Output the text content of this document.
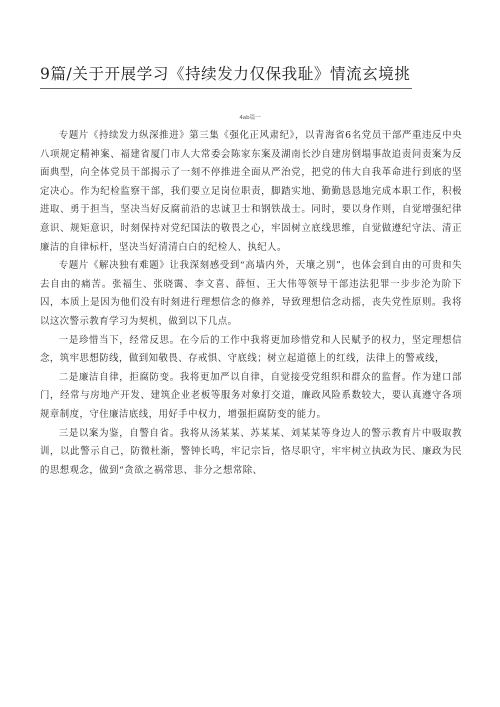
9篇/关于开展学习《持续发力仅保我耻》情流玄境挑
4ab篇一

专题片《持续发力纵深推进》第三集《强化正风肃纪》，以青海省6名党员干部严重违反中央八项规定精神案、福建省厦门市人大常委会陈家东案及湖南长沙自建房倒塌事故追责问责案为反面典型，向全体党员干部揭示了一刻不停推进全面从严治党，把党的伟大自我革命进行到底的坚定决心。作为纪检监察干部，我们要立足岗位职责，脚踏实地、勤勤恳恳地完成本职工作，积极进取、勇于担当，坚决当好反腐前沿的忠诚卫士和钢铁战士。同时，要以身作则，自觉增强纪律意识、规矩意识，时刻保持对党纪国法的敬畏之心，牢固树立底线思维，自觉做遵纪守法、清正廉洁的自律标杆，坚决当好清清白白的纪检人、执纪人。

专题片《解决独有难题》让我深刻感受到“高墙内外，天壤之别”，也体会到自由的可贵和失去自由的痛苦。张福生、张晓霭、李文喜、薛恒、王大伟等领导干部违法犯罪一步步沦为阶下囚，本质上是因为他们没有时刻进行理想信念的修养，导致理想信念动摇，丧失党性原则。我将以这次警示教育学习为契机，做到以下几点。

一是珍惜当下，经常反思。在今后的工作中我将更加珍惜党和人民赋予的权力，坚定理想信念，筑牢思想防线，做到知敬畏、存戒惧、守底线；树立起道德上的红线，法律上的警戒线，

二是廉洁自律，拒腐防变。我将更加严以自律，自觉接受党组织和群众的监督。作为建口部门，经常与房地产开发、建筑企业老板等服务对象打交道，廉政风险系数较大，要认真遵守各项规章制度，守住廉洁底线，用好手中权力，增强拒腐防变的能力。

三是以案为鉴，自警自省。我将从汤某某、苏某某、刘某某等身边人的警示教育片中吸取教训，以此警示自己，防微杜渐，警钟长鸣，牢记宗旨，恪尽职守，牢牢树立执政为民、廉政为民的思想观念，做到“贪欲之祸常思、非分之想常除、
